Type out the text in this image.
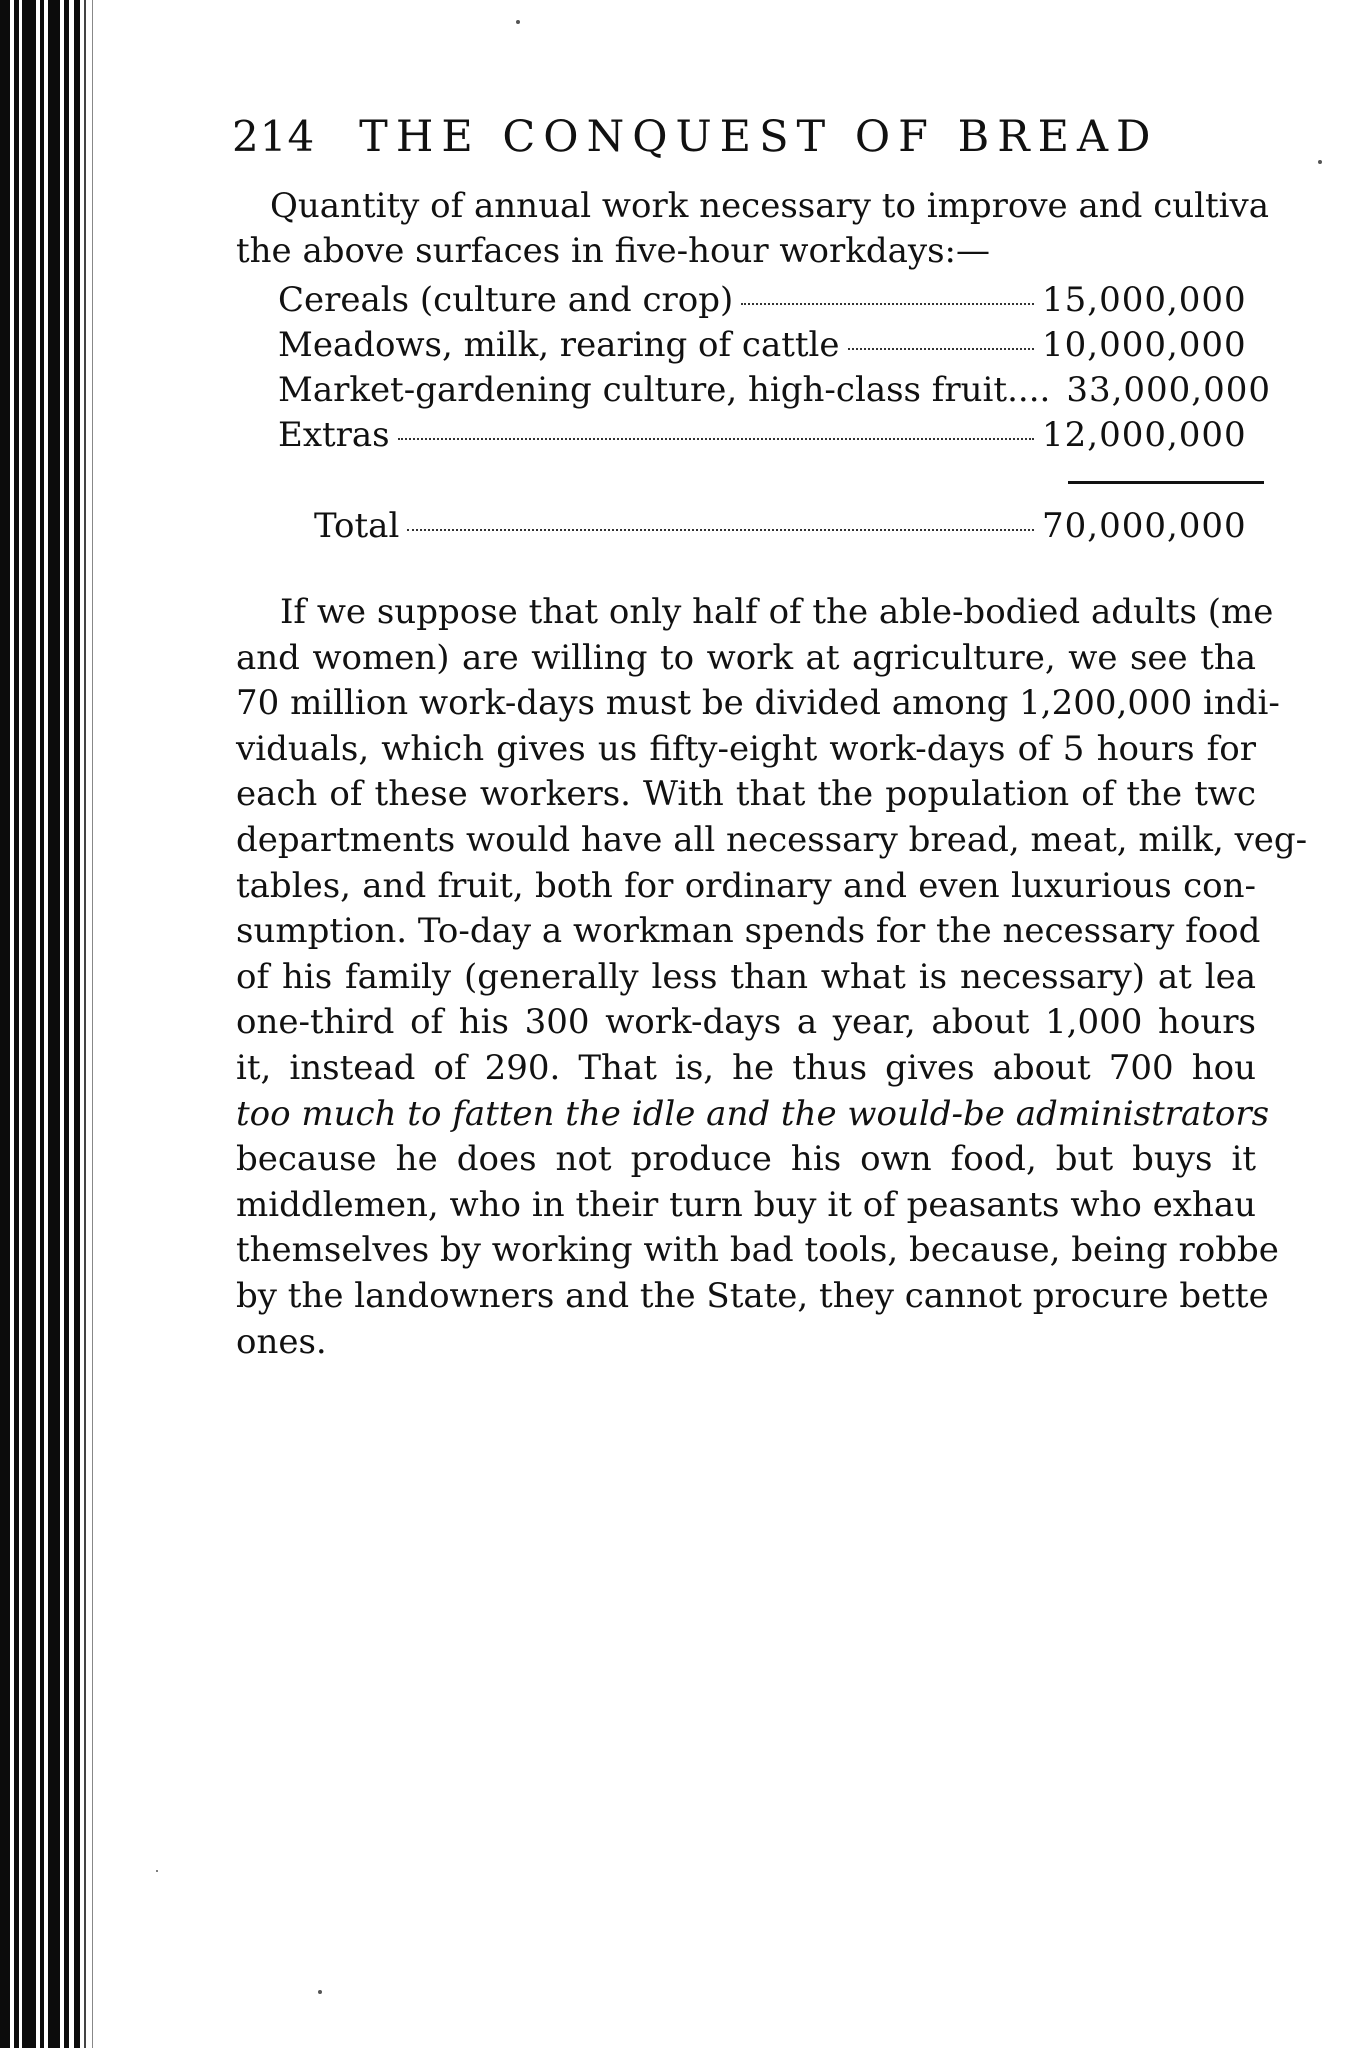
214 THE CONQUEST OF BREAD
Quantity of annual work necessary to improve and cultiva
the above surfaces in five-hour workdays:—
Cereals (culture and crop)	15,000,000
Meadows, milk, rearing of cattle	10,000,000
Market-gardening culture, high-class fruit.... 33,000,000
Extras	12,000,000
Total	70,000,000
If we suppose that only half of the able-bodied adults (me
and women) are willing to work at agriculture, we see tha
70 million work-days must be divided among 1,200,000 indi-
viduals, which gives us fifty-eight work-days of 5 hours for
each of these workers. With that the population of the twc
departments would have all necessary bread, meat, milk, veg-
tables, and fruit, both for ordinary and even luxurious con-
sumption. To-day a workman spends for the necessary food
of his family (generally less than what is necessary) at lea
one-third of his 300 work-days a year, about 1,000 hours
it, instead of 290. That is, he thus gives about 700 hou
too much to fatten the idle and the would-be administrators
because he does not produce his own food, but buys it
middlemen, who in their turn buy it of peasants who exhau
themselves by working with bad tools, because, being robbe
by the landowners and the State, they cannot procure bette
ones.
